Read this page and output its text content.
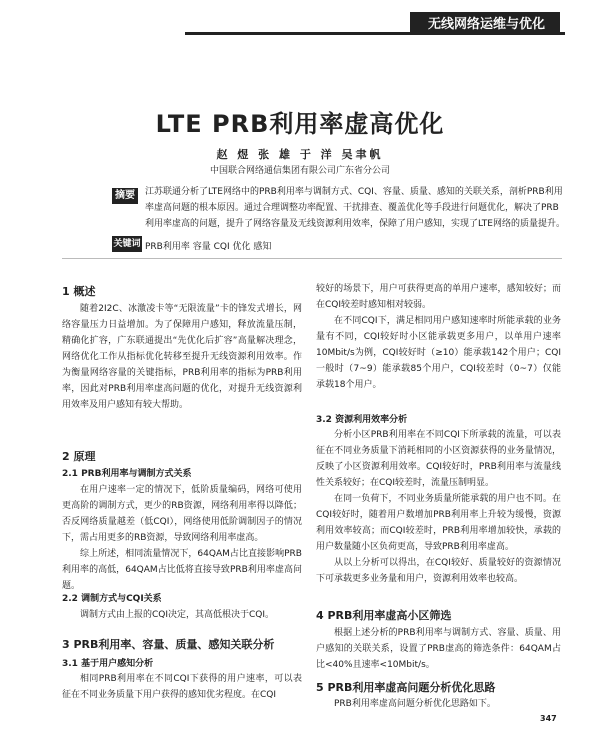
无线网络运维与优化
LTE PRB利用率虚高优化
赵 煜 张 雄 于 洋 吴聿帆
中国联合网络通信集团有限公司广东省分公司
摘要	江苏联通分析了LTE网络中的PRB利用率与调制方式、CQI、容量、质量、感知的关联关系，剖析PRB利用率虚高问题的根本原因。通过合理调整功率配置、干扰排查、覆盖优化等手段进行问题优化，解决了PRB利用率虚高的问题，提升了网络容量及无线资源利用效率，保障了用户感知，实现了LTE网络的质量提升。
关键词 PRB利用率 容量 CQI 优化 感知
1 概述

随着2I2C、冰激凌卡等“无限流量”卡的锋发式增长，网络容量压力日益增加。为了保障用户感知，释放流量压制，精确化扩容，广东联通提出“先优化后扩容”高量解决理念，网络优化工作从指标优化转移至提升无线资源利用效率。作为衡量网络容量的关键指标，PRB利用率的指标为PRB利用率，因此对PRB利用率虚高问题的优化，对提升无线资源利用效率及用户感知有较大帮助。

2 原理
2.1 PRB利用率与调制方式关系

在用户速率一定的情况下，低阶质量编码，网络可使用更高阶的调制方式，更少的RB资源，网络利用率得以降低；否反网络质量越差（低CQI），网络使用低阶调制因子的情况下，需占用更多的RB资源，导致网络利用率虚高。

综上所述，相同流量情况下，64QAM占比直接影响PRB利用率的高低，64QAM占比低将直接导致PRB利用率虚高问题。

2.2 调制方式与CQI关系

调制方式由上报的CQI决定，其高低根决于CQI。

3 PRB利用率、容量、质量、感知关联分析
3.1 基于用户感知分析

相同PRB利用率在不同CQI下获得的用户速率，可以表征在不同业务质量下用户获得的感知优劣程度。在CQI

较好的场景下，用户可获得更高的单用户速率，感知较好；而在CQI较差时感知相对较弱。

在不同CQI下，满足相同用户感知速率时所能承载的业务量有不同，CQI较好时小区能承载更多用户，以单用户速率10Mbit/s为例，CQI较好时（≥10）能承载142个用户；CQI一般时（7~9）能承载85个用户，CQI较差时（0~7）仅能承载18个用户。

3.2 资源利用效率分析

分析小区PRB利用率在不同CQI下所承载的流量，可以表征在不同业务质量下消耗相同的小区资源获得的业务量情况，反映了小区资源利用效率。CQI较好时，PRB利用率与流量线性关系较好；在CQI较差时，流量压制明显。

在同一负荷下，不同业务质量所能承载的用户也不同。在CQI较好时，随着用户数增加PRB利用率上升较为缓慢，资源利用效率较高；而CQI较差时，PRB利用率增加较快，承载的用户数量随小区负荷更高，导致PRB利用率虚高。

从以上分析可以得出，在CQI较好、质量较好的资源情况下可承载更多业务量和用户，资源利用效率也较高。

4 PRB利用率虚高小区筛选

根据上述分析的PRB利用率与调制方式、容量、质量、用户感知的关联关系，设置了PRB虚高的筛选条件：64QAM占比<40%且速率<10Mbit/s。

5 PRB利用率虚高问题分析优化思路

PRB利用率虚高问题分析优化思路如下。

347
